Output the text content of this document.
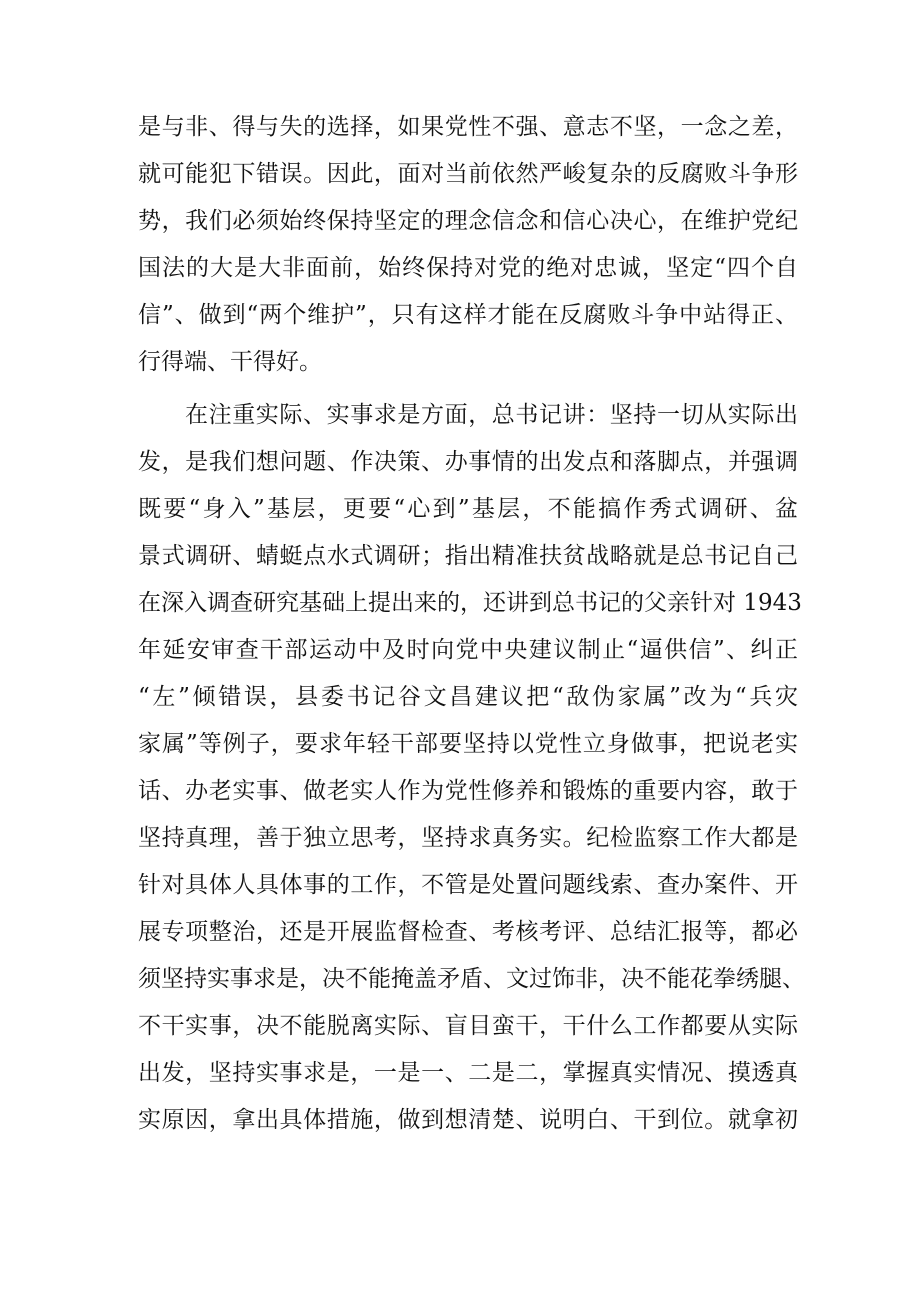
是与非、得与失的选择，如果党性不强、意志不坚，一念之差，
就可能犯下错误。因此，面对当前依然严峻复杂的反腐败斗争形
势，我们必须始终保持坚定的理念信念和信心决心，在维护党纪
国法的大是大非面前，始终保持对党的绝对忠诚，坚定“四个自
信”、做到“两个维护”，只有这样才能在反腐败斗争中站得正、
行得端、干得好。
在注重实际、实事求是方面，总书记讲：坚持一切从实际出
发，是我们想问题、作决策、办事情的出发点和落脚点，并强调
既要“身入”基层，更要“心到”基层，不能搞作秀式调研、盆
景式调研、蜻蜓点水式调研；指出精准扶贫战略就是总书记自己
在深入调查研究基础上提出来的，还讲到总书记的父亲针对 1943
年延安审查干部运动中及时向党中央建议制止“逼供信”、纠正
“左”倾错误，县委书记谷文昌建议把“敌伪家属”改为“兵灾
家属”等例子，要求年轻干部要坚持以党性立身做事，把说老实
话、办老实事、做老实人作为党性修养和锻炼的重要内容，敢于
坚持真理，善于独立思考，坚持求真务实。纪检监察工作大都是
针对具体人具体事的工作，不管是处置问题线索、查办案件、开
展专项整治，还是开展监督检查、考核考评、总结汇报等，都必
须坚持实事求是，决不能掩盖矛盾、文过饰非，决不能花拳绣腿、
不干实事，决不能脱离实际、盲目蛮干，干什么工作都要从实际
出发，坚持实事求是，一是一、二是二，掌握真实情况、摸透真
实原因，拿出具体措施，做到想清楚、说明白、干到位。就拿初
